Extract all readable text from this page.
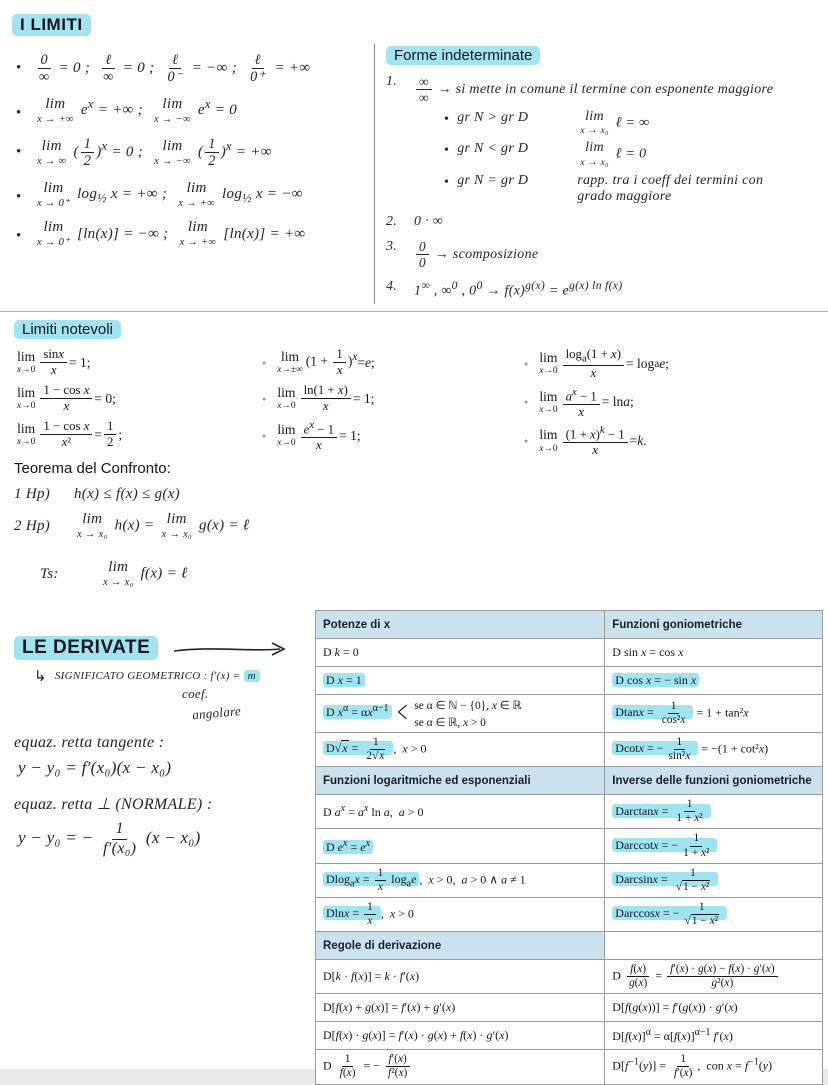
I LIMITI
• 0
∞
= 0 ;
ℓ
∞
= 0 ;
ℓ
0⁻
= −∞ ;
ℓ
0⁺
= +∞
• lim
x → +∞
$e^x$ = +∞ ; lim
x → −∞
$e^x = 0$
• lim
x → ∞
( $\frac{1}{2} )^x = 0$ ; lim
x → −∞
( $\frac{1}{2} )^x$ = +∞
• lim
x → 0⁺
$\log_{\frac{1}{2}} x$ = +∞ ; lim
x → +∞
$\log_{\frac{1}{2}} x$ = −∞
• lim
x → 0⁺
[ln(x)] = −∞ ; lim
x → +∞
[ln(x)] = +∞
Forme indeterminate
1.	∞
∞
→ si mette in comune il termine con esponente maggiore
• gr N > gr D	lim
x → x₀
ℓ = ∞
• gr N < gr D	lim
x → x₀
ℓ = 0
• gr N = gr D	rapp. tra i coeff dei termini con grado maggiore
2.	0 · ∞
3.	$\frac{0}{0}$ → scomposizione
4.	1∞ , ∞$^0$ , $0^0 \to f(x)^{g(x)} = e^{g(x) ln f(x)}$
Limiti notevoli
lim
x→0
sinx
x
= 1;
lim
x→0
1 − cos x
x
= 0;
lim
x→0
1 − cos x
x²
=
1
2
;
● lim
x→±∞
$(1 + \frac{1}{x} )^x = e$ ;
● lim
x→0
ln(1 + x)
x
= 1;
● lim
x→0
$e^x - 1$
x
= 1;
● lim
x→0
$\log_a(1 + x)$
x
= log a e ;
● lim
x→0
$a^x - 1$
x
= ln a ;
● lim
x→0
$(1 + x)^k - 1$
x
= k .
Teorema del Confronto:
1 Hp)	h(x) ≤ f(x) ≤ g(x)
2 Hp)	lim
x → x₀
h(x) = lim
x → x₀
g(x) = ℓ
Ts:	lim
x → x₀
f(x) = ℓ
LE DERIVATE
↳ SIGNIFICATO GEOMETRICO : f′(x) = m
coef.
angolare
equaz. retta tangente :
y − y₀ = f′(x₀)(x − x₀)
equaz. retta ⊥ (NORMALE) :
y − y₀ = − $\frac{1}{\text{f′(x₀)}} (x - x_0)$
Potenze di x	Funzioni goniometriche
D k = 0	D sin x = cos x
D x = 1	D cos x = − sin x
D $x^\alpha = \alpha x^{\alpha-1}$ < se α ∈ ℕ − {0}, x ∈ ℝ
se α ∈ ℝ, x > 0	$Dtanx = \frac{1}{\text{cos²x}} = 1 + \tan^2x$
$D√x = \frac{1}{2√x}$ ,  x > 0	Dcotx = − $\frac{1}{\text{sin²x}} = -(1 + \cot^2x)$
Funzioni logaritmiche ed esponenziali	Inverse delle funzioni goniometriche
D $a^x = a^x$ ln a,  a > 0	$Darctanx = \frac{1}{\text{1 + x²}}$

D $e^x = e^x$	Darccotx = − $\frac{1}{\text{1 + x²}}$

$Dlog_ax = \frac{1}{x} \log_ae$ ,  x > 0,  a > 0 ∧ a ≠ 1	$Darcsinx = \frac{1}{\text{√1 − x²}}$

$Dlnx = \frac{1}{x}$ ,  x > 0	Darccosx = − $\frac{1}{\text{√1 − x²}}$

Regole di derivazione	
D[k · f(x)] = k · f′(x)	D $\frac{f(x)}{g(x)} = \frac{f'(x) \cdot g(x) - f(x) \cdot g'(x)}{\text{g²(x)}}$

D[f(x) + g(x)] = f′(x) + g′(x)	D[f(g(x))] = f′(g(x)) · g′(x)
D[f(x) · g(x)] = f′(x) · g(x) + f(x) · g′(x)	$D[f(x)]^\alpha = \alpha[f(x)]^{\alpha-1}$ f′(x)
D $\frac{1}{f(x)}$ = − $\frac{f'(x)}{\text{f²(x)}}$	$D[f^{-1}(y)] = \frac{1}{f'(x)}$ ,  con $x = f^{-1}(y)$
